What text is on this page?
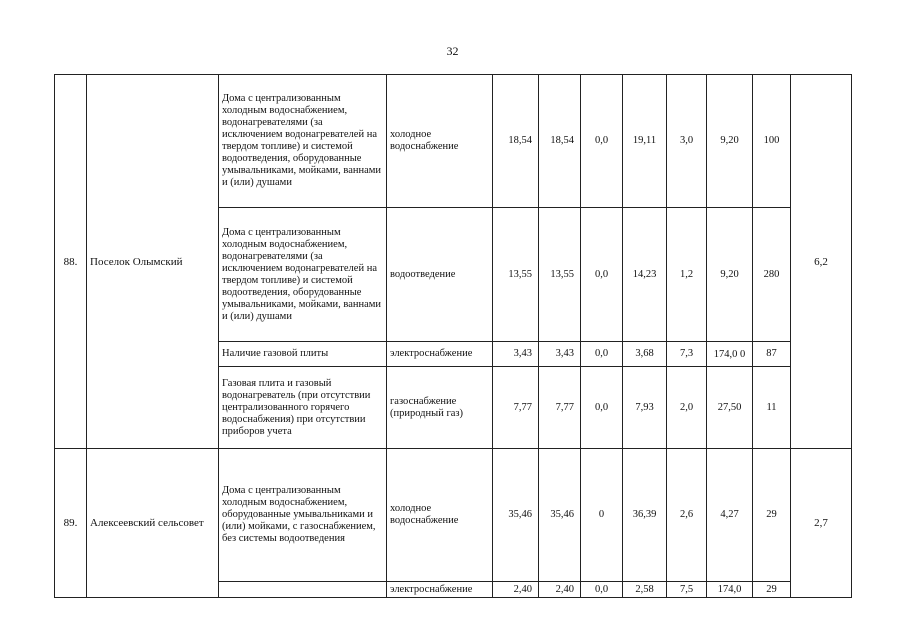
32
88.	Поселок Олымский	Дома с централизованным холодным водоснабжением, водонагревателями (за исключением водонагревателей на твердом топливе) и системой водоотведения, оборудованные умывальниками, мойками, ваннами и (или) душами	холодное водоснабжение	18,54	18,54	0,0	19,11	3,0	9,20	100	6,2
		Дома с централизованным холодным водоснабжением, водонагревателями (за исключением водонагревателей на твердом топливе) и системой водоотведения, оборудованные умывальниками, мойками, ваннами и (или) душами	водоотведение	13,55	13,55	0,0	14,23	1,2	9,20	280	
		Наличие газовой плиты	электроснабжение	3,43	3,43	0,0	3,68	7,3	174,0 0	87	
		Газовая плита и газовый водонагреватель (при отсутствии централизованного горячего водоснабжения) при отсутствии приборов учета	газоснабжение (природный газ)	7,77	7,77	0,0	7,93	2,0	27,50	11	
89.	Алексеевский сельсовет	Дома с централизованным холодным водоснабжением, оборудованные умывальниками и (или) мойками, с газоснабжением, без системы водоотведения	холодное водоснабжение	35,46	35,46	0	36,39	2,6	4,27	29	2,7
			электроснабжение	2,40	2,40	0,0	2,58	7,5	174,0	29	
